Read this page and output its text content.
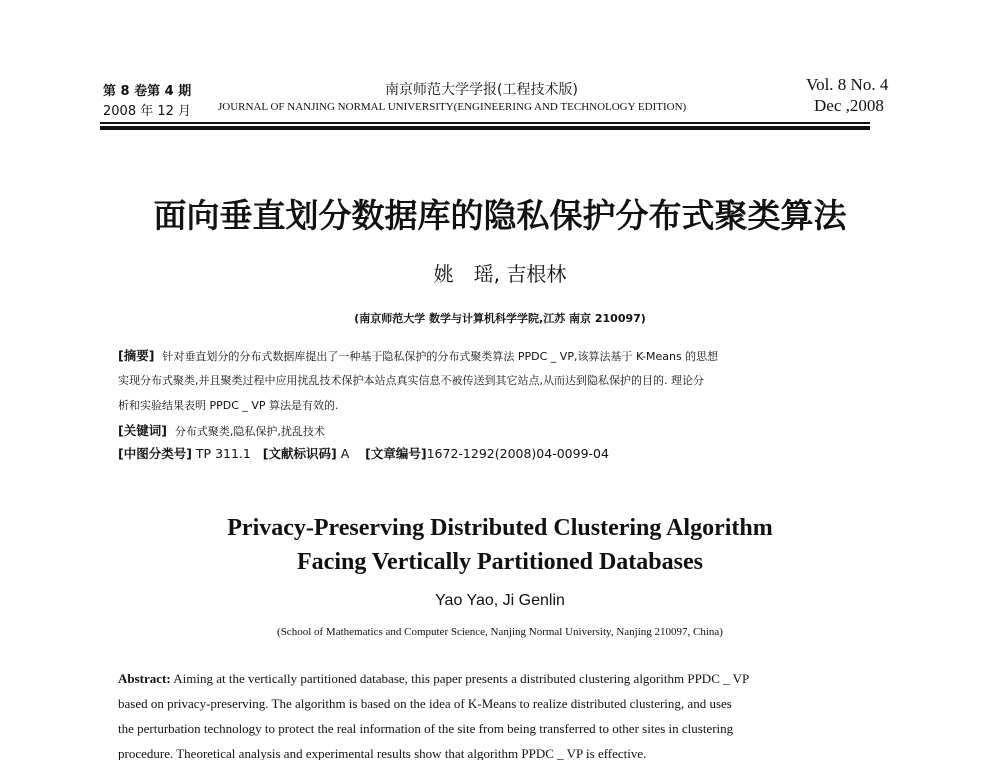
第 8 卷第 4 期
2008 年 12 月
南京师范大学学报(工程技术版)
JOURNAL OF NANJING NORMAL UNIVERSITY(ENGINEERING AND TECHNOLOGY EDITION)
Vol. 8 No. 4
Dec ,2008
面向垂直划分数据库的隐私保护分布式聚类算法
姚　瑶, 吉根林
(南京师范大学 数学与计算机科学学院,江苏 南京 210097)
[摘要] 针对垂直划分的分布式数据库提出了一种基于隐私保护的分布式聚类算法 PPDC _ VP,该算法基于 K-Means 的思想
实现分布式聚类,并且聚类过程中应用扰乱技术保护本站点真实信息不被传送到其它站点,从而达到隐私保护的目的. 理论分
析和实验结果表明 PPDC _ VP 算法是有效的.
[关键词] 分布式聚类,隐私保护,扰乱技术
[中图分类号] TP 311.1 [文献标识码] A [文章编号]1672-1292(2008)04-0099-04
Privacy-Preserving Distributed Clustering Algorithm
Facing Vertically Partitioned Databases
Yao Yao, Ji Genlin
(School of Mathematics and Computer Science, Nanjing Normal University, Nanjing 210097, China)
Abstract: Aiming at the vertically partitioned database, this paper presents a distributed clustering algorithm PPDC _ VP
based on privacy-preserving. The algorithm is based on the idea of K-Means to realize distributed clustering, and uses
the perturbation technology to protect the real information of the site from being transferred to other sites in clustering
procedure. Theoretical analysis and experimental results show that algorithm PPDC _ VP is effective.
